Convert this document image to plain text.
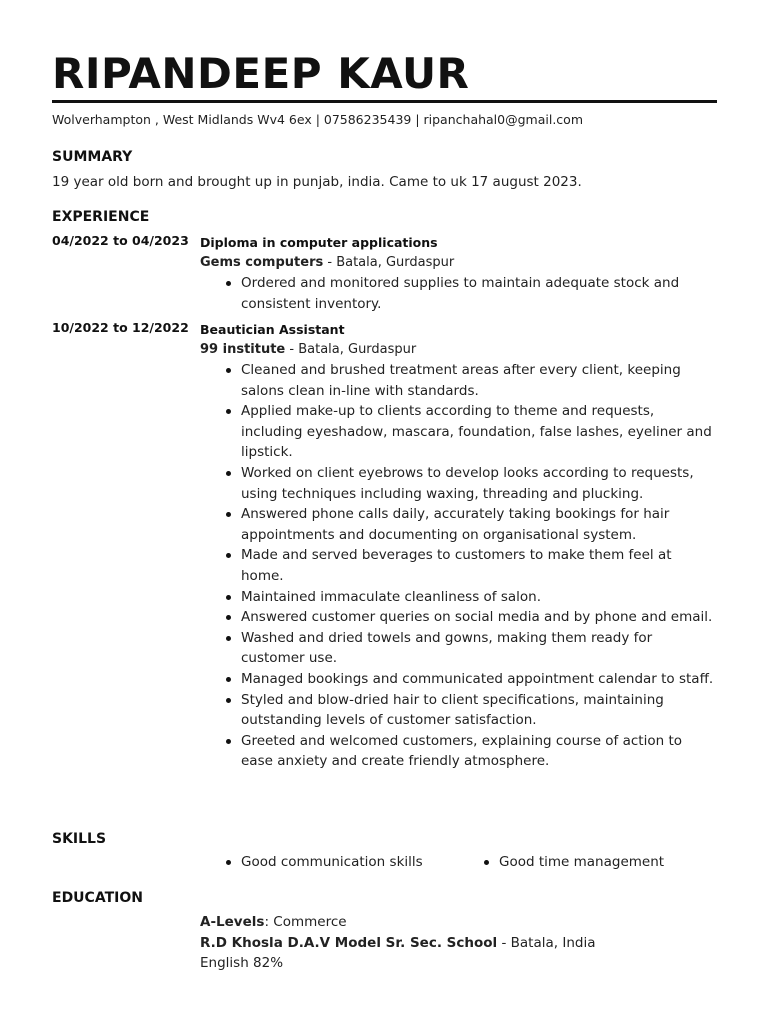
RIPANDEEP KAUR
Wolverhampton , West Midlands Wv4 6ex | 07586235439 | ripanchahal0@gmail.com
SUMMARY
19 year old born and brought up in punjab, india. Came to uk 17 august 2023.
EXPERIENCE
04/2022 to 04/2023 Diploma in computer applications
Gems computers - Batala, Gurdaspur
Ordered and monitored supplies to maintain adequate stock and consistent inventory.
10/2022 to 12/2022 Beautician Assistant
99 institute - Batala, Gurdaspur
Cleaned and brushed treatment areas after every client, keeping salons clean in-line with standards.
Applied make-up to clients according to theme and requests, including eyeshadow, mascara, foundation, false lashes, eyeliner and lipstick.
Worked on client eyebrows to develop looks according to requests, using techniques including waxing, threading and plucking.
Answered phone calls daily, accurately taking bookings for hair appointments and documenting on organisational system.
Made and served beverages to customers to make them feel at home.
Maintained immaculate cleanliness of salon.
Answered customer queries on social media and by phone and email.
Washed and dried towels and gowns, making them ready for customer use.
Managed bookings and communicated appointment calendar to staff.
Styled and blow-dried hair to client specifications, maintaining outstanding levels of customer satisfaction.
Greeted and welcomed customers, explaining course of action to ease anxiety and create friendly atmosphere.
SKILLS
Good communication skills	Good time management
EDUCATION
A-Levels: Commerce
R.D Khosla D.A.V Model Sr. Sec. School - Batala, India
English 82%
